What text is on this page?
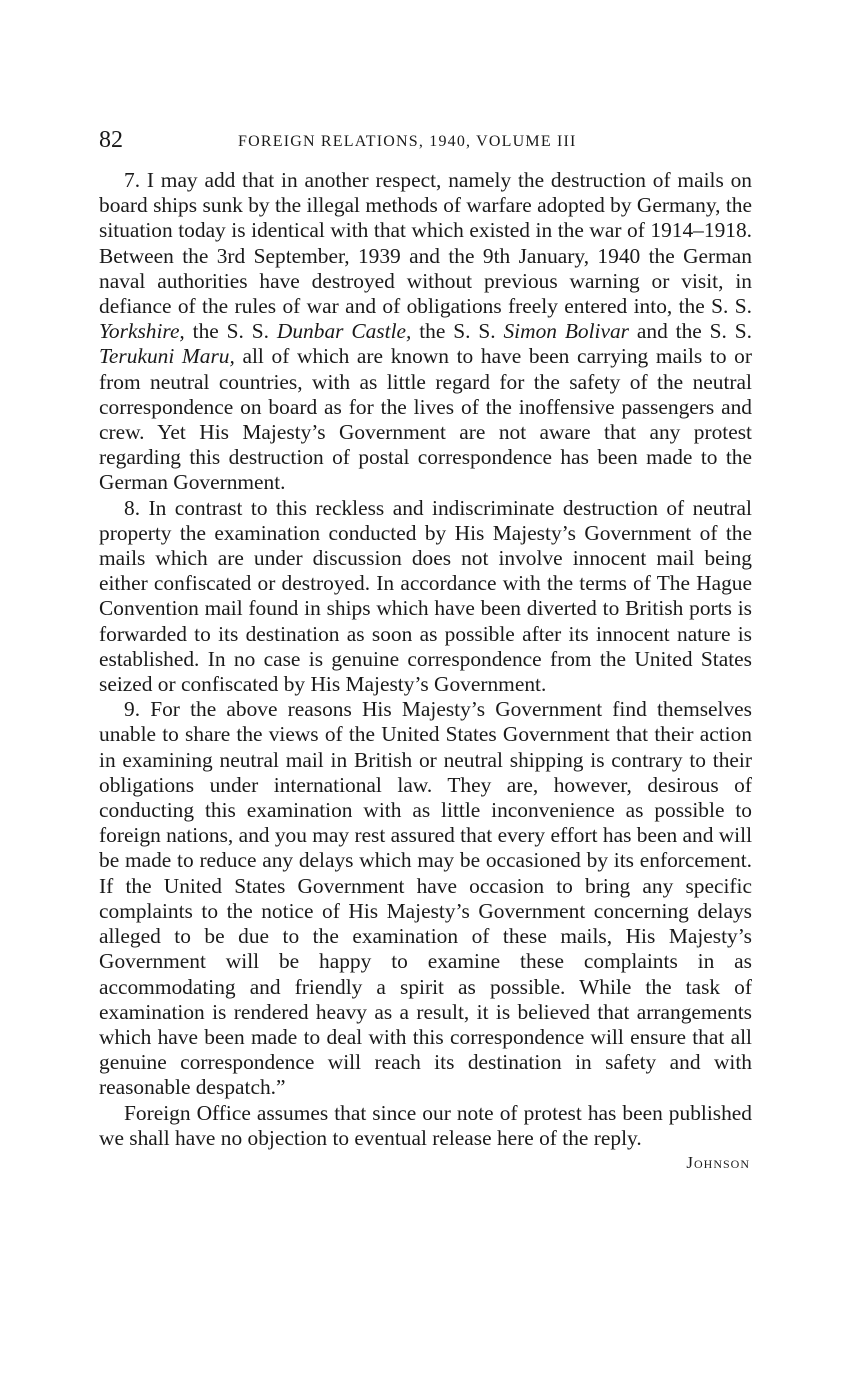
82	FOREIGN RELATIONS, 1940, VOLUME III

7. I may add that in another respect, namely the destruction of mails on board ships sunk by the illegal methods of warfare adopted by Germany, the situation today is identical with that which existed in the war of 1914–1918. Between the 3rd September, 1939 and the 9th January, 1940 the German naval authorities have destroyed without previous warning or visit, in defiance of the rules of war and of obligations freely entered into, the S. S. Yorkshire, the S. S. Dunbar Castle, the S. S. Simon Bolivar and the S. S. Terukuni Maru, all of which are known to have been carrying mails to or from neutral countries, with as little regard for the safety of the neutral correspondence on board as for the lives of the inoffensive passengers and crew. Yet His Majesty’s Government are not aware that any protest regarding this destruction of postal correspondence has been made to the German Government.

8. In contrast to this reckless and indiscriminate destruction of neutral property the examination conducted by His Majesty’s Government of the mails which are under discussion does not involve innocent mail being either confiscated or destroyed. In accordance with the terms of The Hague Convention mail found in ships which have been diverted to British ports is forwarded to its destination as soon as possible after its innocent nature is established. In no case is genuine correspondence from the United States seized or confiscated by His Majesty’s Government.

9. For the above reasons His Majesty’s Government find themselves unable to share the views of the United States Government that their action in examining neutral mail in British or neutral shipping is contrary to their obligations under international law. They are, however, desirous of conducting this examination with as little inconvenience as possible to foreign nations, and you may rest assured that every effort has been and will be made to reduce any delays which may be occasioned by its enforcement. If the United States Government have occasion to bring any specific complaints to the notice of His Majesty’s Government concerning delays alleged to be due to the examination of these mails, His Majesty’s Government will be happy to examine these complaints in as accommodating and friendly a spirit as possible. While the task of examination is rendered heavy as a result, it is believed that arrangements which have been made to deal with this correspondence will ensure that all genuine correspondence will reach its destination in safety and with reasonable despatch.”

Foreign Office assumes that since our note of protest has been published we shall have no objection to eventual release here of the reply.

Johnson
